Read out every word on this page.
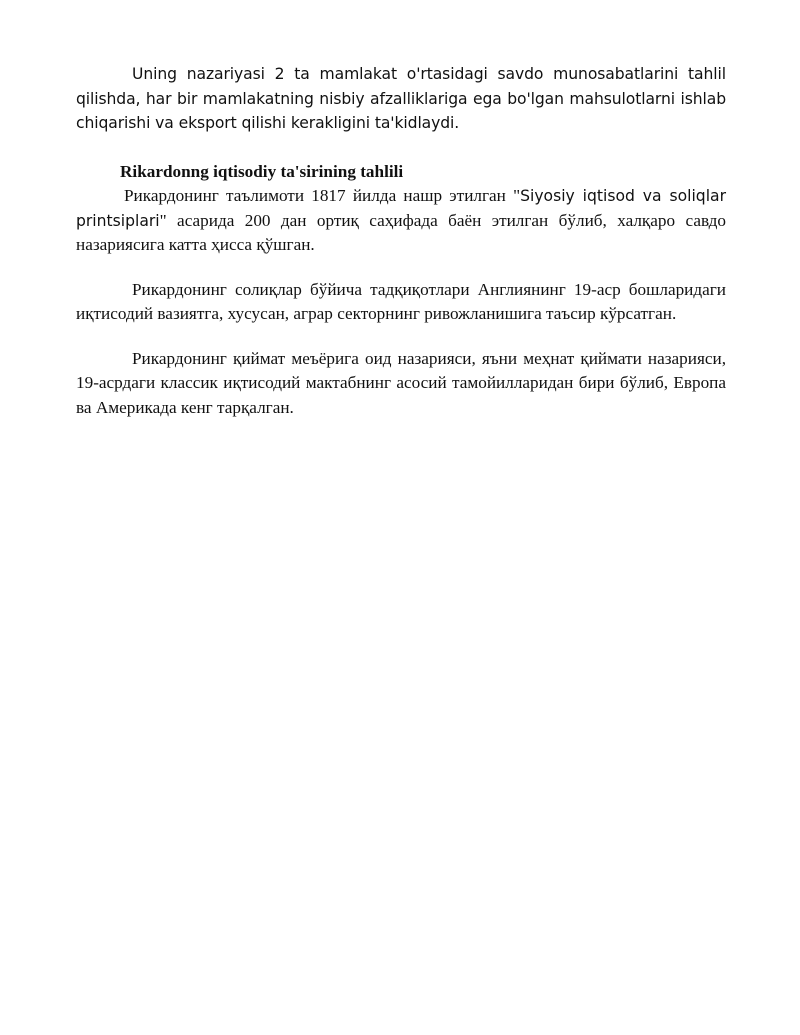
Uning nazariyasi 2 ta mamlakat o'rtasidagi savdo munosabatlarini tahlil qilishda, har bir mamlakatning nisbiy afzalliklariga ega bo'lgan mahsulotlarni ishlab chiqarishi va eksport qilishi kerakligini ta'kidlaydi.

Rikardonng iqtisodiy ta'sirining tahlili

Рикардонинг таълимоти 1817 йилда нашр этилган "Siyosiy iqtisod va soliqlar printsiplari" асарида 200 дан ортиқ саҳифада баён этилган бўлиб, халқаро савдо назариясига катта ҳисса қўшган.

Рикардонинг солиқлар бўйича тадқиқотлари Англиянинг 19-аср бошларидаги иқтисодий вазиятга, хусусан, аграр секторнинг ривожланишига таъсир кўрсатган.

Рикардонинг қиймат меъёрига оид назарияси, яъни меҳнат қиймати назарияси, 19-асрдаги классик иқтисодий мактабнинг асосий тамойилларидан бири бўлиб, Европа ва Америкада кенг тарқалган.
